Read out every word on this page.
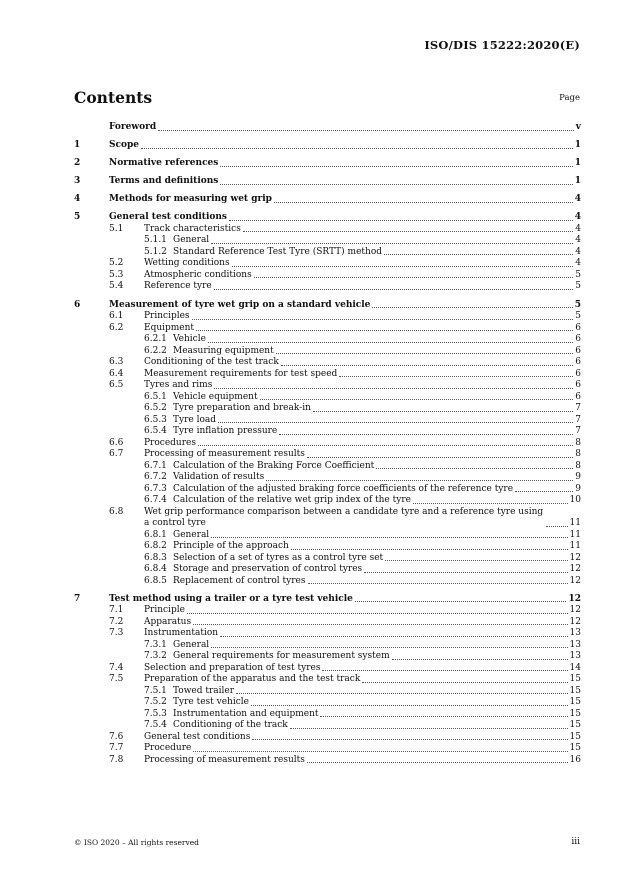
ISO/DIS 15222:2020(E)
Contents	Page
Foreword	v
1	Scope	1
2	Normative references	1
3	Terms and definitions	1
4	Methods for measuring wet grip	4
5	General test conditions	4
5.1 Track characteristics	4
5.1.1 General	4
5.1.2 Standard Reference Test Tyre (SRTT) method	4
5.2 Wetting conditions	4
5.3 Atmospheric conditions	5
5.4 Reference tyre	5
6	Measurement of tyre wet grip on a standard vehicle	5
6.1 Principles	5
6.2 Equipment	6
6.2.1 Vehicle	6
6.2.2 Measuring equipment	6
6.3 Conditioning of the test track	6
6.4 Measurement requirements for test speed	6
6.5 Tyres and rims	6
6.5.1 Vehicle equipment	6
6.5.2 Tyre preparation and break-in	7
6.5.3 Tyre load	7
6.5.4 Tyre inflation pressure	7
6.6 Procedures	8
6.7 Processing of measurement results	8
6.7.1 Calculation of the Braking Force Coefficient	8
6.7.2 Validation of results	9
6.7.3 Calculation of the adjusted braking force coefficients of the reference tyre	9
6.7.4 Calculation of the relative wet grip index of the tyre	10
6.8 Wet grip performance comparison between a candidate tyre and a reference tyre using a control tyre	11
6.8.1 General	11
6.8.2 Principle of the approach	11
6.8.3 Selection of a set of tyres as a control tyre set	12
6.8.4 Storage and preservation of control tyres	12
6.8.5 Replacement of control tyres	12
7	Test method using a trailer or a tyre test vehicle	12
7.1 Principle	12
7.2 Apparatus	12
7.3 Instrumentation	13
7.3.1 General	13
7.3.2 General requirements for measurement system	13
7.4 Selection and preparation of test tyres	14
7.5 Preparation of the apparatus and the test track	15
7.5.1 Towed trailer	15
7.5.2 Tyre test vehicle	15
7.5.3 Instrumentation and equipment	15
7.5.4 Conditioning of the track	15
7.6 General test conditions	15
7.7 Procedure	15
7.8 Processing of measurement results	16
© ISO 2020 – All rights reserved	iii
